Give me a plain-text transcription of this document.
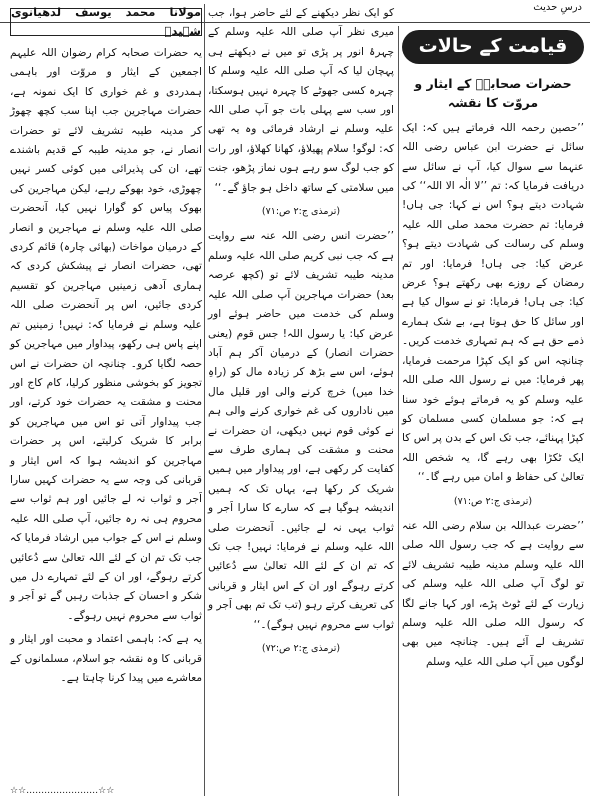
درسِ حدیث
قیامت کے حالات
حضرات صحابہؓ کے ایثار و مروّت کا نقشہ

’’حصین رحمہ اللہ فرماتے ہیں کہ: ایک سائل نے حضرت ابن عباس رضی اللہ عنہما سے سوال کیا، آپ نے سائل سے دریافت فرمایا کہ: تم ’’لا الٰہ الا اللہ‘‘ کی شہادت دیتے ہو؟ اس نے کہا: جی ہاں! فرمایا: تم حضرت محمد صلی اللہ علیہ وسلم کی رسالت کی شہادت دیتے ہو؟ عرض کیا: جی ہاں! فرمایا: اور تم رمضان کے روزے بھی رکھتے ہو؟ عرض کیا: جی ہاں! فرمایا: تو نے سوال کیا ہے اور سائل کا حق ہوتا ہے، بے شک ہمارے ذمے حق ہے کہ ہم تمہاری خدمت کریں۔ چنانچہ اس کو ایک کپڑا مرحمت فرمایا، پھر فرمایا: میں نے رسول اللہ صلی اللہ علیہ وسلم کو یہ فرماتے ہوئے خود سنا ہے کہ: جو مسلمان کسی مسلمان کو کپڑا پہنائے، جب تک اس کے بدن پر اس کا ایک ٹکڑا بھی رہے گا، یہ شخص اللہ تعالیٰ کی حفاظ و امان میں رہے گا۔‘‘

(ترمذی ج:۲ ص:۷۱)

’’حضرت عبداللہ بن سلام رضی اللہ عنہ سے روایت ہے کہ جب رسول اللہ صلی اللہ علیہ وسلم مدینہ طیبہ تشریف لائے تو لوگ آپ صلی اللہ علیہ وسلم کی زیارت کے لئے ٹوٹ پڑے، اور کہا جانے لگا کہ رسول اللہ صلی اللہ علیہ وسلم تشریف لے آئے ہیں۔ چنانچہ میں بھی لوگوں میں آپ صلی اللہ علیہ وسلم

کو ایک نظر دیکھنے کے لئے حاضر ہوا، جب میری نظر آپ صلی اللہ علیہ وسلم کے چہرۂ انور پر پڑی تو میں نے دیکھتے ہی پہچان لیا کہ آپ صلی اللہ علیہ وسلم کا چہرہ کسی جھوٹے کا چہرہ نہیں ہوسکتا، اور سب سے پہلی بات جو آپ صلی اللہ علیہ وسلم نے ارشاد فرمائی وہ یہ تھی کہ: لوگو! سلام پھیلاؤ، کھانا کھلاؤ، اور رات کو جب لوگ سو رہے ہوں نماز پڑھو، جنت میں سلامتی کے ساتھ داخل ہو جاؤ گے۔‘‘

(ترمذی ج:۲ ص:۷۱)

’’حضرت انس رضی اللہ عنہ سے روایت ہے کہ جب نبی کریم صلی اللہ علیہ وسلم مدینہ طیبہ تشریف لائے تو (کچھ عرصہ بعد) حضرات مہاجرین آپ صلی اللہ علیہ وسلم کی خدمت میں حاضر ہوئے اور عرض کیا: یا رسول اللہ! جس قوم (یعنی حضرات انصار) کے درمیان آکر ہم آباد ہوئے، اس سے بڑھ کر زیادہ مال کو (راہِ خدا میں) خرچ کرنے والی اور قلیل مال میں ناداروں کی غم خواری کرنے والی ہم نے کوئی قوم نہیں دیکھی، ان حضرات نے محنت و مشقت کی ہماری طرف سے کفایت کر رکھی ہے، اور پیداوار میں ہمیں شریک کر رکھا ہے، یہاں تک کہ ہمیں اندیشہ ہوگیا ہے کہ سارے کا سارا اَجر و ثواب یہی نہ لے جائیں۔ آنحضرت صلی اللہ علیہ وسلم نے فرمایا: نہیں! جب تک کہ تم ان کے لئے اللہ تعالیٰ سے دُعائیں کرتے رہوگے اور ان کے اس ایثار و قربانی کی تعریف کرتے رہو (تب تک تم بھی اَجر و ثواب سے محروم نہیں ہوگے)۔‘‘

(ترمذی ج:۲ ص:۷۲)
مولانا محمد یوسف لدھیانوی شہیدؒ

یہ حضرات صحابہ کرام رضوان اللہ علیہم اجمعین کے ایثار و مروّت اور باہمی ہمدردی و غم خواری کا ایک نمونہ ہے، حضرات مہاجرین جب اپنا سب کچھ چھوڑ کر مدینہ طیبہ تشریف لائے تو حضرات انصار نے، جو مدینہ طیبہ کے قدیم باشندے تھے، ان کی پذیرائی میں کوئی کسر نہیں چھوڑی، خود بھوکے رہے، لیکن مہاجرین کی بھوک پیاس کو گوارا نہیں کیا، آنحضرت صلی اللہ علیہ وسلم نے مہاجرین و انصار کے درمیان مواخات (بھائی چارہ) قائم کردی تھی، حضرات انصار نے پیشکش کردی کہ ہماری آدھی زمینیں مہاجرین کو تقسیم کردی جائیں، اس پر آنحضرت صلی اللہ علیہ وسلم نے فرمایا کہ: نہیں! زمینیں تم اپنے پاس ہی رکھو، پیداوار میں مہاجرین کو حصہ لگایا کرو۔ چنانچہ ان حضرات نے اس تجویز کو بخوشی منظور کرلیا، کام کاج اور محنت و مشقت یہ حضرات خود کرتے، اور جب پیداوار آتی تو اس میں مہاجرین کو برابر کا شریک کرلیتے، اس پر حضرات مہاجرین کو اندیشہ ہوا کہ اس ایثار و قربانی کی وجہ سے یہ حضرات کہیں سارا اَجر و ثواب نہ لے جائیں اور ہم ثواب سے محروم ہی نہ رہ جائیں، آپ صلی اللہ علیہ وسلم نے اس کے جواب میں ارشاد فرمایا کہ جب تک تم ان کے لئے اللہ تعالیٰ سے دُعائیں کرتے رہوگے، اور ان کے لئے تمہارے دل میں شکر و احسان کے جذبات رہیں گے تو اَجر و ثواب سے محروم نہیں رہوگے۔

یہ ہے کہ: باہمی اعتماد و محبت اور ایثار و قربانی کا وہ نقشہ جو اسلام، مسلمانوں کے معاشرے میں پیدا کرنا چاہتا ہے۔

☆☆……………………☆☆
